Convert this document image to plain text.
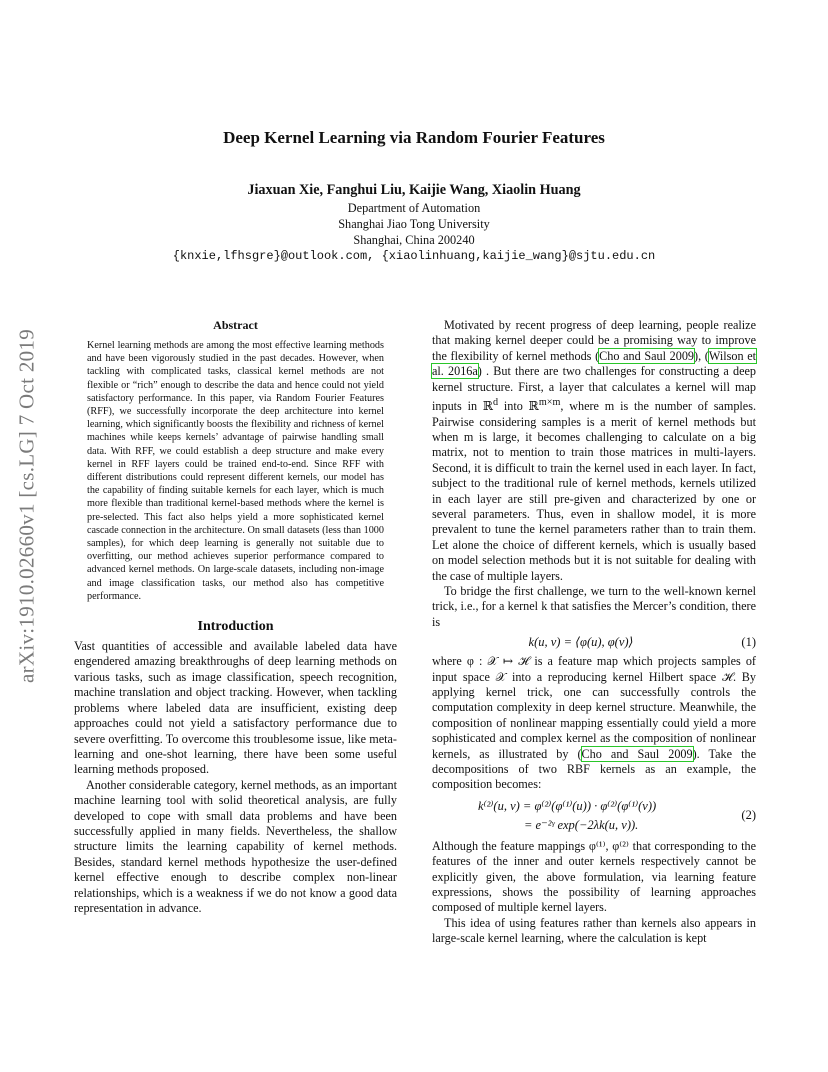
arXiv:1910.02660v1 [cs.LG] 7 Oct 2019
Deep Kernel Learning via Random Fourier Features
Jiaxuan Xie, Fanghui Liu, Kaijie Wang, Xiaolin Huang
Department of Automation
Shanghai Jiao Tong University
Shanghai, China 200240
{knxie,lfhsgre}@outlook.com, {xiaolinhuang,kaijie_wang}@sjtu.edu.cn
Abstract
Kernel learning methods are among the most effective learning methods and have been vigorously studied in the past decades. However, when tackling with complicated tasks, classical kernel methods are not flexible or “rich” enough to describe the data and hence could not yield satisfactory performance. In this paper, via Random Fourier Features (RFF), we successfully incorporate the deep architecture into kernel learning, which significantly boosts the flexibility and richness of kernel machines while keeps kernels’ advantage of pairwise handling small data. With RFF, we could establish a deep structure and make every kernel in RFF layers could be trained end-to-end. Since RFF with different distributions could represent different kernels, our model has the capability of finding suitable kernels for each layer, which is much more flexible than traditional kernel-based methods where the kernel is pre-selected. This fact also helps yield a more sophisticated kernel cascade connection in the architecture. On small datasets (less than 1000 samples), for which deep learning is generally not suitable due to overfitting, our method achieves superior performance compared to advanced kernel methods. On large-scale datasets, including non-image and image classification tasks, our method also has competitive performance.
Introduction

Vast quantities of accessible and available labeled data have engendered amazing breakthroughs of deep learning methods on various tasks, such as image classification, speech recognition, machine translation and object tracking. However, when tackling problems where labeled data are insufficient, existing deep approaches could not yield a satisfactory performance due to severe overfitting. To overcome this troublesome issue, like meta-learning and one-shot learning, there have been some useful learning methods proposed.

Another considerable category, kernel methods, as an important machine learning tool with solid theoretical analysis, are fully developed to cope with small data problems and have been successfully applied in many fields. Nevertheless, the shallow structure limits the learning capability of kernel methods. Besides, standard kernel methods hypothesize the user-defined kernel effective enough to describe complex non-linear relationships, which is a weakness if we do not know a good data representation in advance.

Motivated by recent progress of deep learning, people realize that making kernel deeper could be a promising way to improve the flexibility of kernel methods (Cho and Saul 2009), (Wilson et al. 2016a) . But there are two challenges for constructing a deep kernel structure. First, a layer that calculates a kernel will map inputs in ℝ$^d$ into ℝ$^{m\times m}$, where m is the number of samples. Pairwise considering samples is a merit of kernel methods but when m is large, it becomes challenging to calculate on a big matrix, not to mention to train those matrices in multi-layers. Second, it is difficult to train the kernel used in each layer. In fact, subject to the traditional rule of kernel methods, kernels utilized in each layer are still pre-given and characterized by one or several parameters. Thus, even in shallow model, it is more prevalent to tune the kernel parameters rather than to train them. Let alone the choice of different kernels, which is usually based on model selection methods but it is not suitable for dealing with the case of multiple layers.

To bridge the first challenge, we turn to the well-known kernel trick, i.e., for a kernel k that satisfies the Mercer’s condition, there is

k(u, v) = ⟨φ(u), φ(v)⟩	(1)

where φ : 𝒳 ↦ ℋ is a feature map which projects samples of input space 𝒳 into a reproducing kernel Hilbert space ℋ. By applying kernel trick, one can successfully controls the computation complexity in deep kernel structure. Meanwhile, the composition of nonlinear mapping essentially could yield a more sophisticated and complex kernel as the composition of nonlinear kernels, as illustrated by (Cho and Saul 2009). Take the decompositions of two RBF kernels as an example, the composition becomes:

k⁽²⁾(u, v) = φ⁽²⁾(φ⁽¹⁾(u)) · φ⁽²⁾(φ⁽¹⁾(v))
= e⁻²ᵞ exp(−2λk(u, v)).
(2)

Although the feature mappings φ⁽¹⁾, φ⁽²⁾ that corresponding to the features of the inner and outer kernels respectively cannot be explicitly given, the above formulation, via learning feature expressions, shows the possibility of learning approaches composed of multiple kernel layers.

This idea of using features rather than kernels also appears in large-scale kernel learning, where the calculation is kept
